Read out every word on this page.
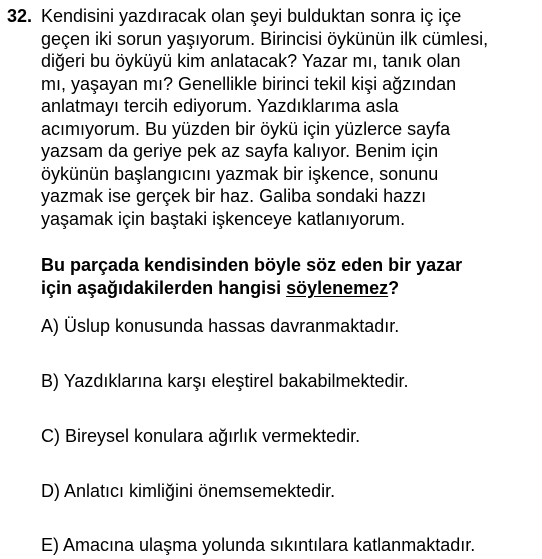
32. Kendisini yazdıracak olan şeyi bulduktan sonra iç içe
geçen iki sorun yaşıyorum. Birincisi öykünün ilk cümlesi,
diğeri bu öyküyü kim anlatacak? Yazar mı, tanık olan
mı, yaşayan mı? Genellikle birinci tekil kişi ağzından
anlatmayı tercih ediyorum. Yazdıklarıma asla
acımıyorum. Bu yüzden bir öykü için yüzlerce sayfa
yazsam da geriye pek az sayfa kalıyor. Benim için
öykünün başlangıcını yazmak bir işkence, sonunu
yazmak ise gerçek bir haz. Galiba sondaki hazzı
yaşamak için baştaki işkenceye katlanıyorum.
Bu parçada kendisinden böyle söz eden bir yazar
için aşağıdakilerden hangisi söylenemez?
A) Üslup konusunda hassas davranmaktadır.
B) Yazdıklarına karşı eleştirel bakabilmektedir.
C) Bireysel konulara ağırlık vermektedir.
D) Anlatıcı kimliğini önemsemektedir.
E) Amacına ulaşma yolunda sıkıntılara katlanmaktadır.
